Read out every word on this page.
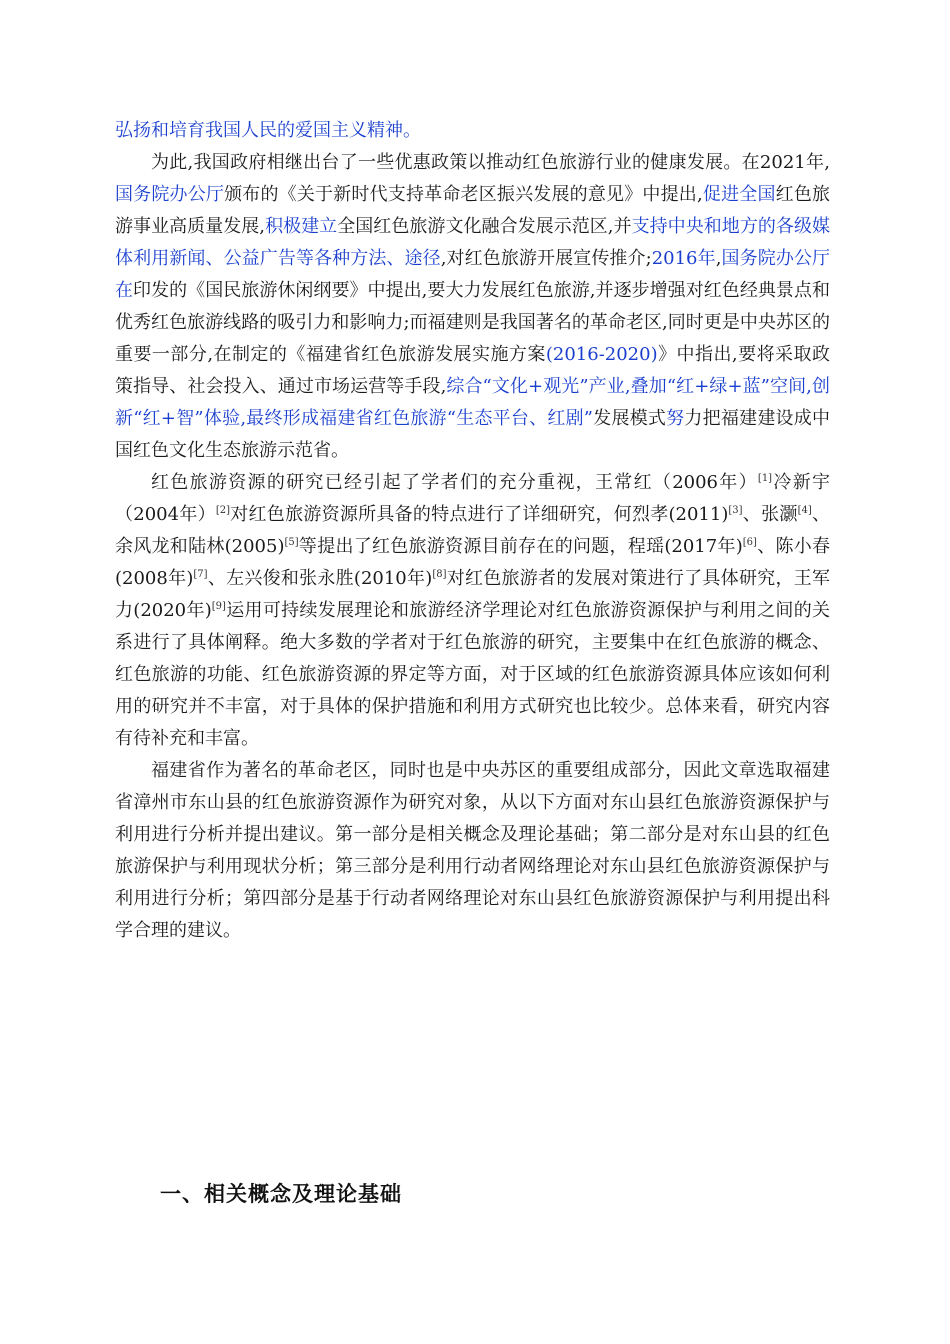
弘扬和培育我国人民的爱国主义精神。

为此,我国政府相继出台了一些优惠政策以推动红色旅游行业的健康发展。在2021年,国务院办公厅颁布的《关于新时代支持革命老区振兴发展的意见》中提出,促进全国红色旅游事业高质量发展,积极建立全国红色旅游文化融合发展示范区,并支持中央和地方的各级媒体利用新闻、公益广告等各种方法、途径,对红色旅游开展宣传推介;2016年,国务院办公厅在印发的《国民旅游休闲纲要》中提出,要大力发展红色旅游,并逐步增强对红色经典景点和优秀红色旅游线路的吸引力和影响力;而福建则是我国著名的革命老区,同时更是中央苏区的重要一部分,在制定的《福建省红色旅游发展实施方案(2016-2020)》中指出,要将采取政策指导、社会投入、通过市场运营等手段,综合“文化+观光”产业,叠加“红+绿+蓝”空间,创新“红+智”体验,最终形成福建省红色旅游“生态平台、红剧”发展模式努力把福建建设成中国红色文化生态旅游示范省。

红色旅游资源的研究已经引起了学者们的充分重视，王常红（2006年）[1]冷新宇（2004年）[2]对红色旅游资源所具备的特点进行了详细研究，何烈孝(2011)[3]、张灏[4]、余风龙和陆林(2005)[5]等提出了红色旅游资源目前存在的问题，程瑶(2017年)[6]、陈小春(2008年)[7]、左兴俊和张永胜(2010年)[8]对红色旅游者的发展对策进行了具体研究，王军力(2020年)[9]运用可持续发展理论和旅游经济学理论对红色旅游资源保护与利用之间的关系进行了具体阐释。绝大多数的学者对于红色旅游的研究，主要集中在红色旅游的概念、红色旅游的功能、红色旅游资源的界定等方面，对于区域的红色旅游资源具体应该如何利用的研究并不丰富，对于具体的保护措施和利用方式研究也比较少。总体来看，研究内容有待补充和丰富。

福建省作为著名的革命老区，同时也是中央苏区的重要组成部分，因此文章选取福建省漳州市东山县的红色旅游资源作为研究对象，从以下方面对东山县红色旅游资源保护与利用进行分析并提出建议。第一部分是相关概念及理论基础；第二部分是对东山县的红色旅游保护与利用现状分析；第三部分是利用行动者网络理论对东山县红色旅游资源保护与利用进行分析；第四部分是基于行动者网络理论对东山县红色旅游资源保护与利用提出科学合理的建议。

一、相关概念及理论基础
